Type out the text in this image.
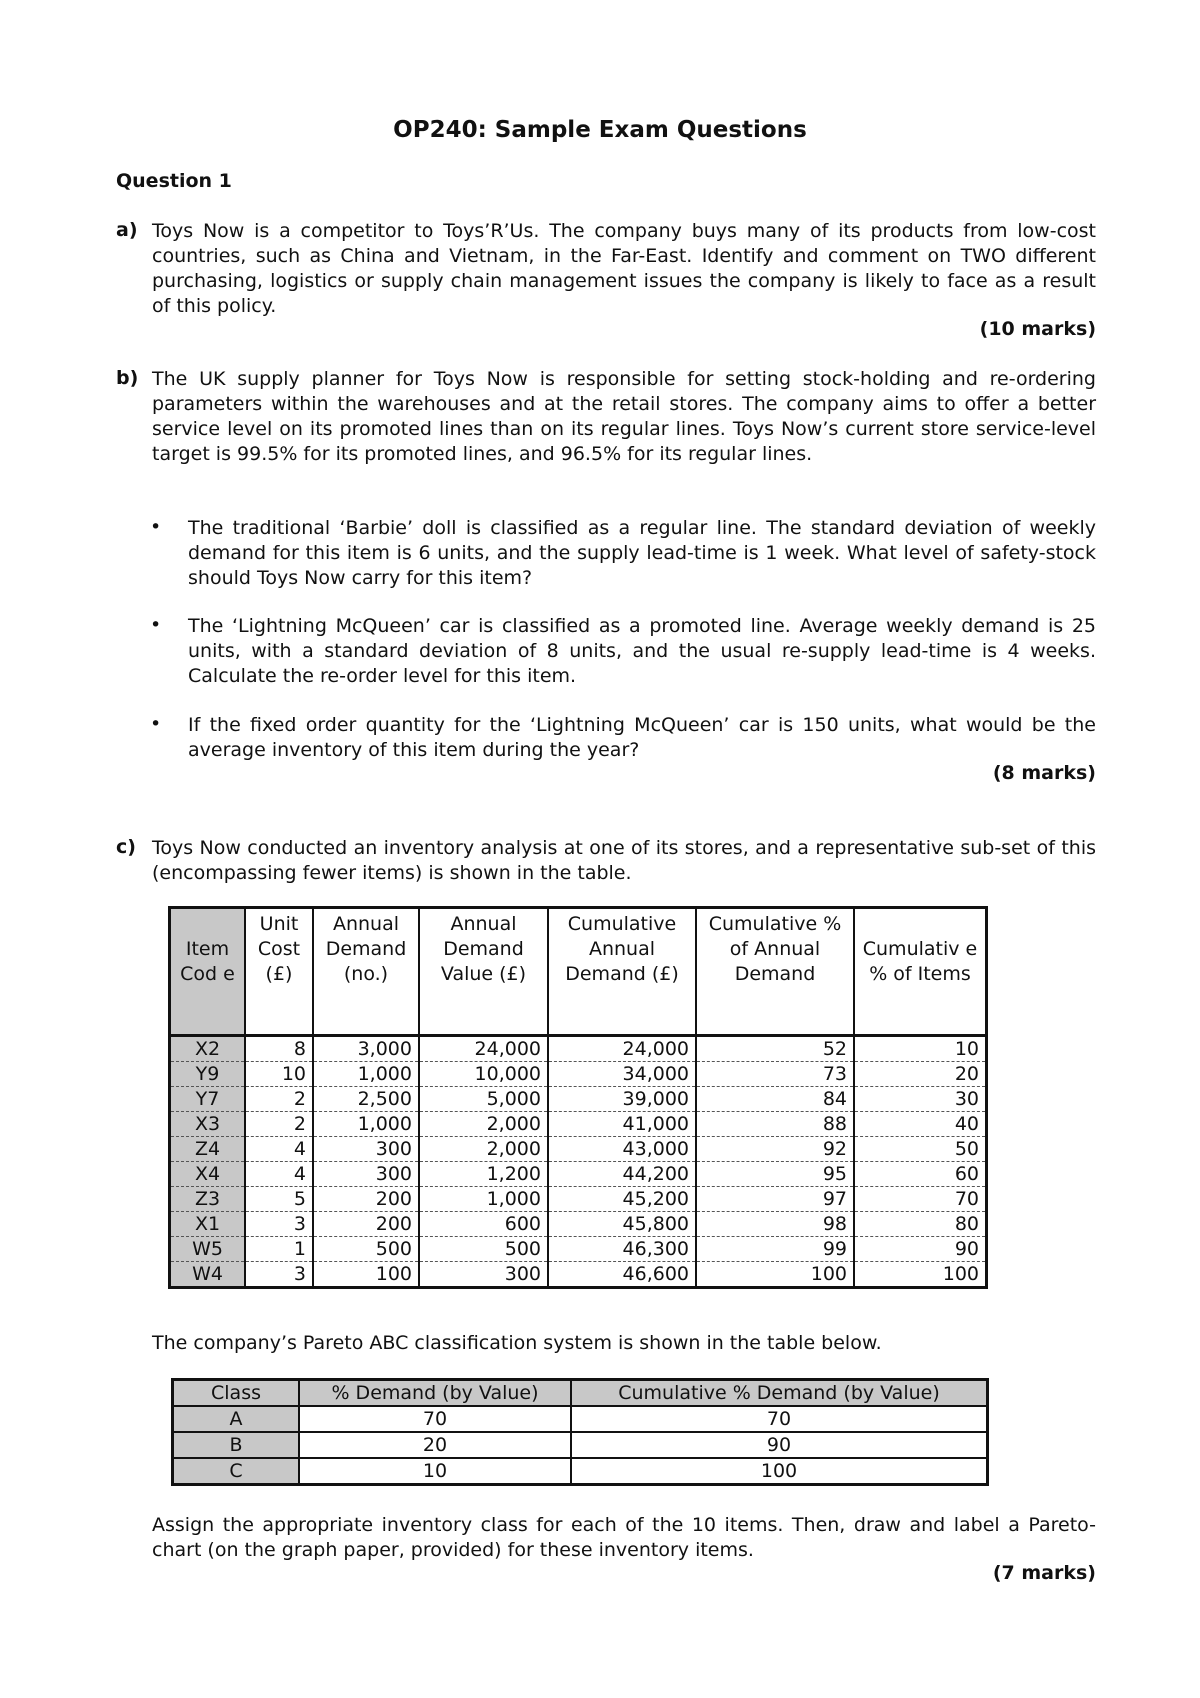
OP240: Sample Exam Questions
Question 1
a) Toys Now is a competitor to Toys’R’Us. The company buys many of its products from low-cost countries, such as China and Vietnam, in the Far-East. Identify and comment on TWO different purchasing, logistics or supply chain management issues the company is likely to face as a result of this policy.
(10 marks)
b) The UK supply planner for Toys Now is responsible for setting stock-holding and re-ordering parameters within the warehouses and at the retail stores. The company aims to offer a better service level on its promoted lines than on its regular lines. Toys Now’s current store service-level target is 99.5% for its promoted lines, and 96.5% for its regular lines.
• The traditional ‘Barbie’ doll is classified as a regular line. The standard deviation of weekly demand for this item is 6 units, and the supply lead-time is 1 week. What level of safety-stock should Toys Now carry for this item?
• The ‘Lightning McQueen’ car is classified as a promoted line. Average weekly demand is 25 units, with a standard deviation of 8 units, and the usual re-supply lead-time is 4 weeks. Calculate the re-order level for this item.
• If the fixed order quantity for the ‘Lightning McQueen’ car is 150 units, what would be the average inventory of this item during the year?
(8 marks)
c) Toys Now conducted an inventory analysis at one of its stores, and a representative sub-set of this (encompassing fewer items) is shown in the table.
Item Cod e	Unit Cost (£)	Annual Demand (no.)	Annual Demand Value (£)	Cumulative Annual Demand (£)	Cumulative % of Annual Demand	Cumulativ e % of Items
X2	8	3,000	24,000	24,000	52	10
Y9	10	1,000	10,000	34,000	73	20
Y7	2	2,500	5,000	39,000	84	30
X3	2	1,000	2,000	41,000	88	40
Z4	4	300	2,000	43,000	92	50
X4	4	300	1,200	44,200	95	60
Z3	5	200	1,000	45,200	97	70
X1	3	200	600	45,800	98	80
W5	1	500	500	46,300	99	90
W4	3	100	300	46,600	100	100
The company’s Pareto ABC classification system is shown in the table below.
Class	% Demand (by Value)	Cumulative % Demand (by Value)
A	70	70
B	20	90
C	10	100
Assign the appropriate inventory class for each of the 10 items. Then, draw and label a Pareto-chart (on the graph paper, provided) for these inventory items.
(7 marks)
